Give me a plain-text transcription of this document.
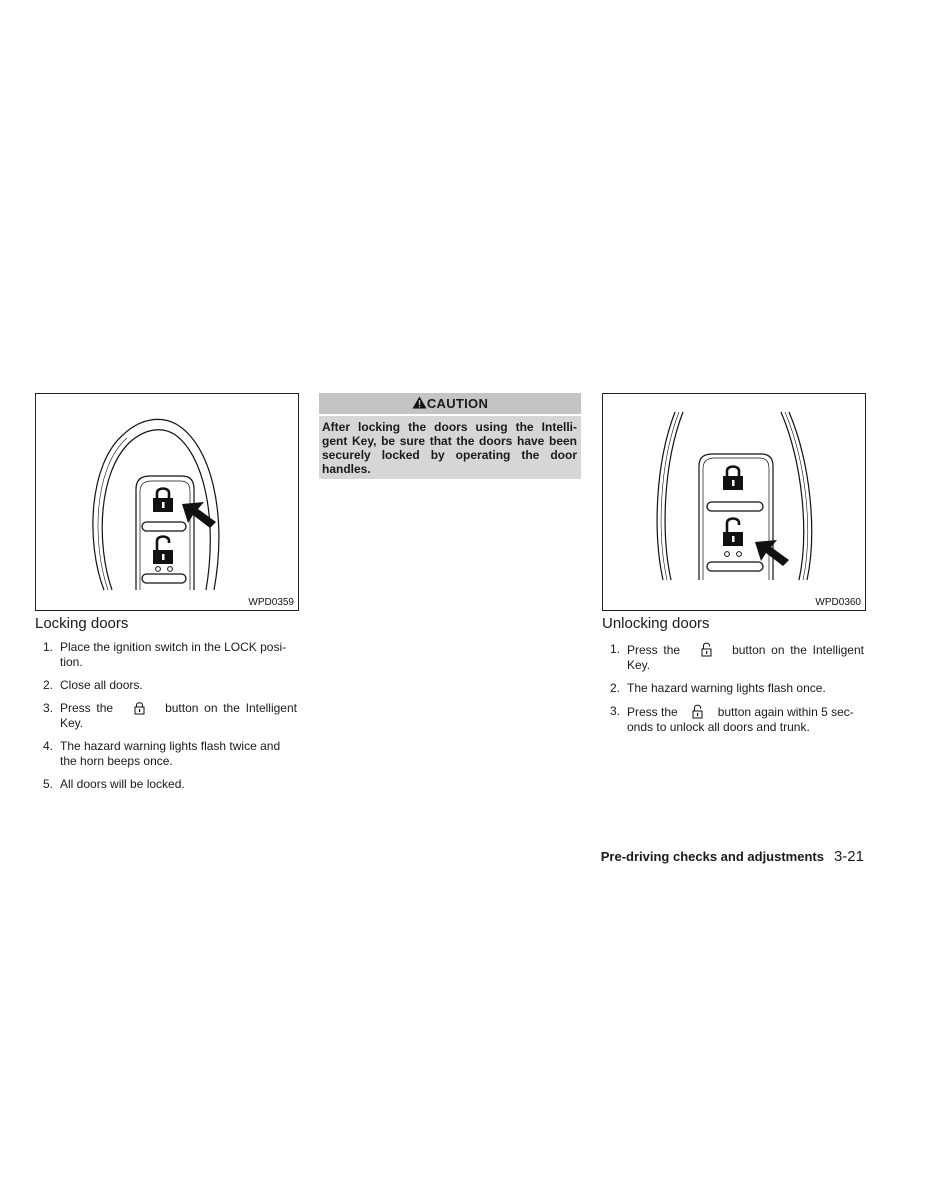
WPD0359
Locking doors
1. Place the ignition switch in the LOCK posi- tion.
2. Close all doors.
3. Press the	button on the Intelligent Key.
4. The hazard warning lights flash twice and the horn beeps once.
5. All doors will be locked.
CAUTION
After locking the doors using the Intelli- gent Key, be sure that the doors have been securely locked by operating the door handles.
WPD0360
Unlocking doors
1. Press the	button on the Intelligent Key.
2. The hazard warning lights flash once.
3. Press the	button again within 5 sec- onds to unlock all doors and trunk.
Pre-driving checks and adjustments 3-21
